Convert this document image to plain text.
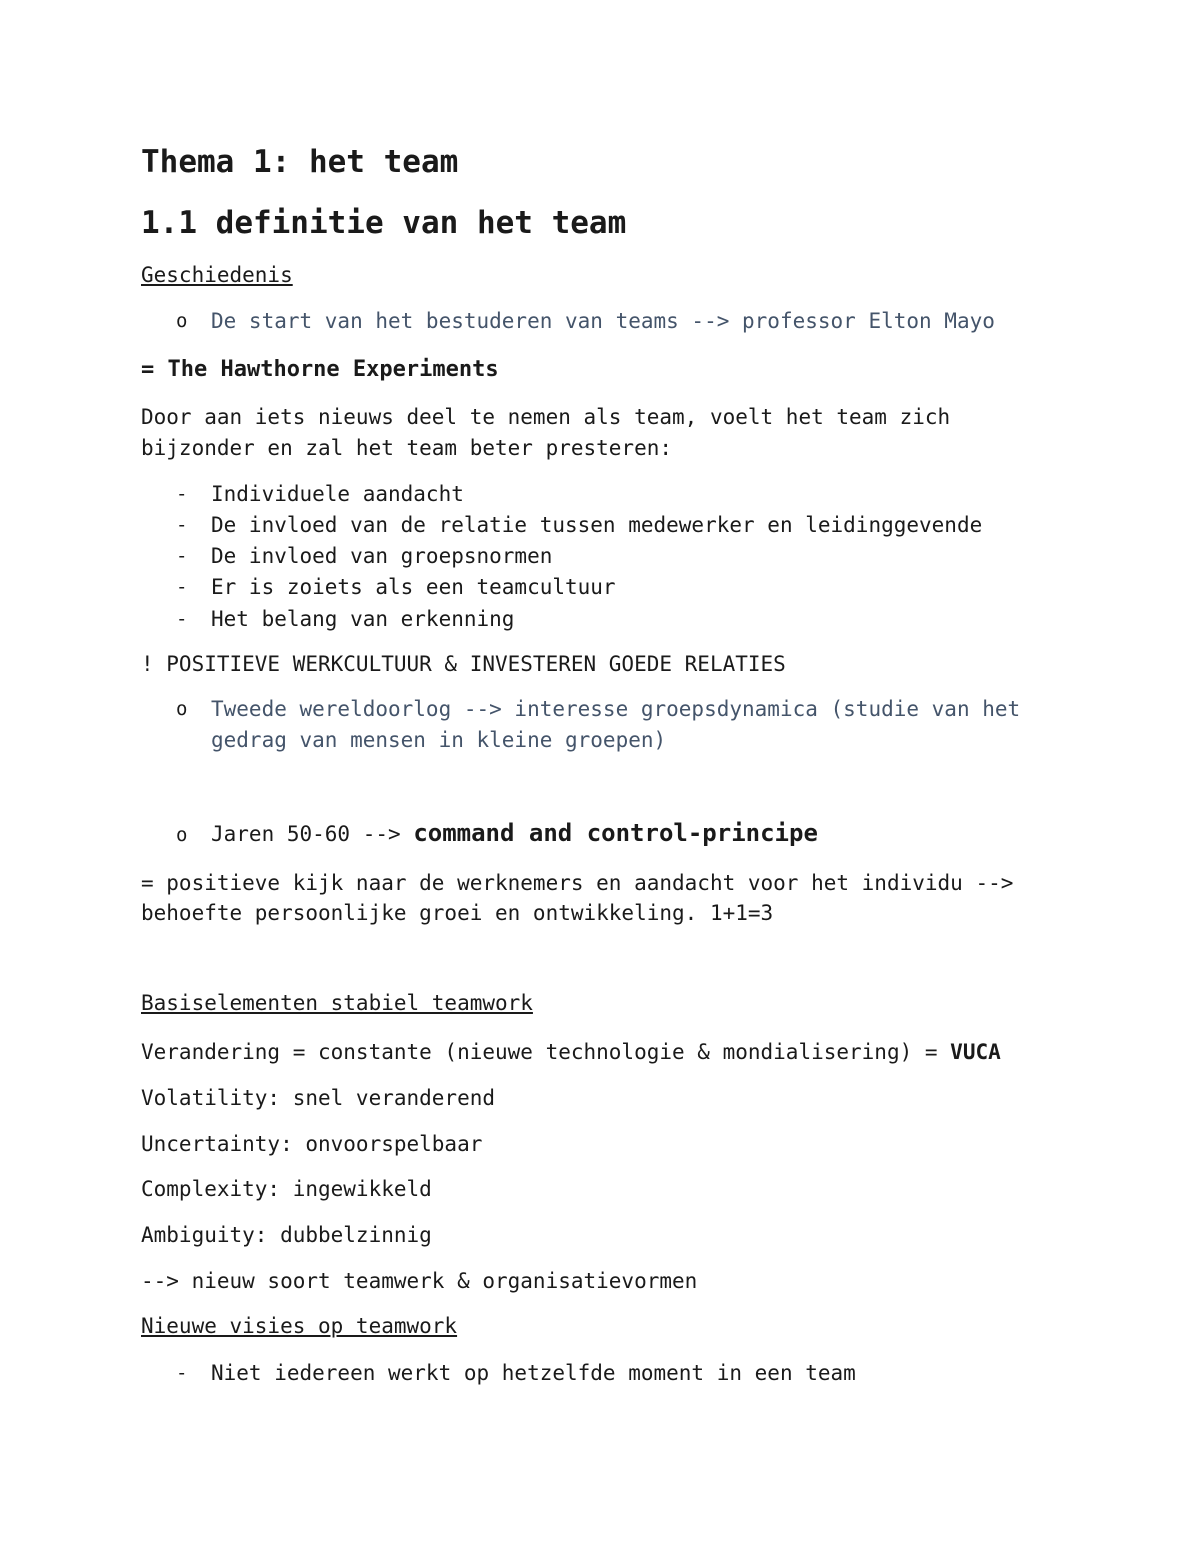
Thema 1: het team
1.1 definitie van het team
Geschiedenis
o De start van het bestuderen van teams --> professor Elton Mayo
= The Hawthorne Experiments
Door aan iets nieuws deel te nemen als team, voelt het team zich
bijzonder en zal het team beter presteren:
- Individuele aandacht
- De invloed van de relatie tussen medewerker en leidinggevende
- De invloed van groepsnormen
- Er is zoiets als een teamcultuur
- Het belang van erkenning
! POSITIEVE WERKCULTUUR & INVESTEREN GOEDE RELATIES
o Tweede wereldoorlog --> interesse groepsdynamica (studie van het
gedrag van mensen in kleine groepen)
o Jaren 50-60 --> command and control-principe
= positieve kijk naar de werknemers en aandacht voor het individu -->
behoefte persoonlijke groei en ontwikkeling. 1+1=3
Basiselementen stabiel teamwork
Verandering = constante (nieuwe technologie & mondialisering) = VUCA
Volatility: snel veranderend
Uncertainty: onvoorspelbaar
Complexity: ingewikkeld
Ambiguity: dubbelzinnig
--> nieuw soort teamwerk & organisatievormen
Nieuwe visies op teamwork
- Niet iedereen werkt op hetzelfde moment in een team
